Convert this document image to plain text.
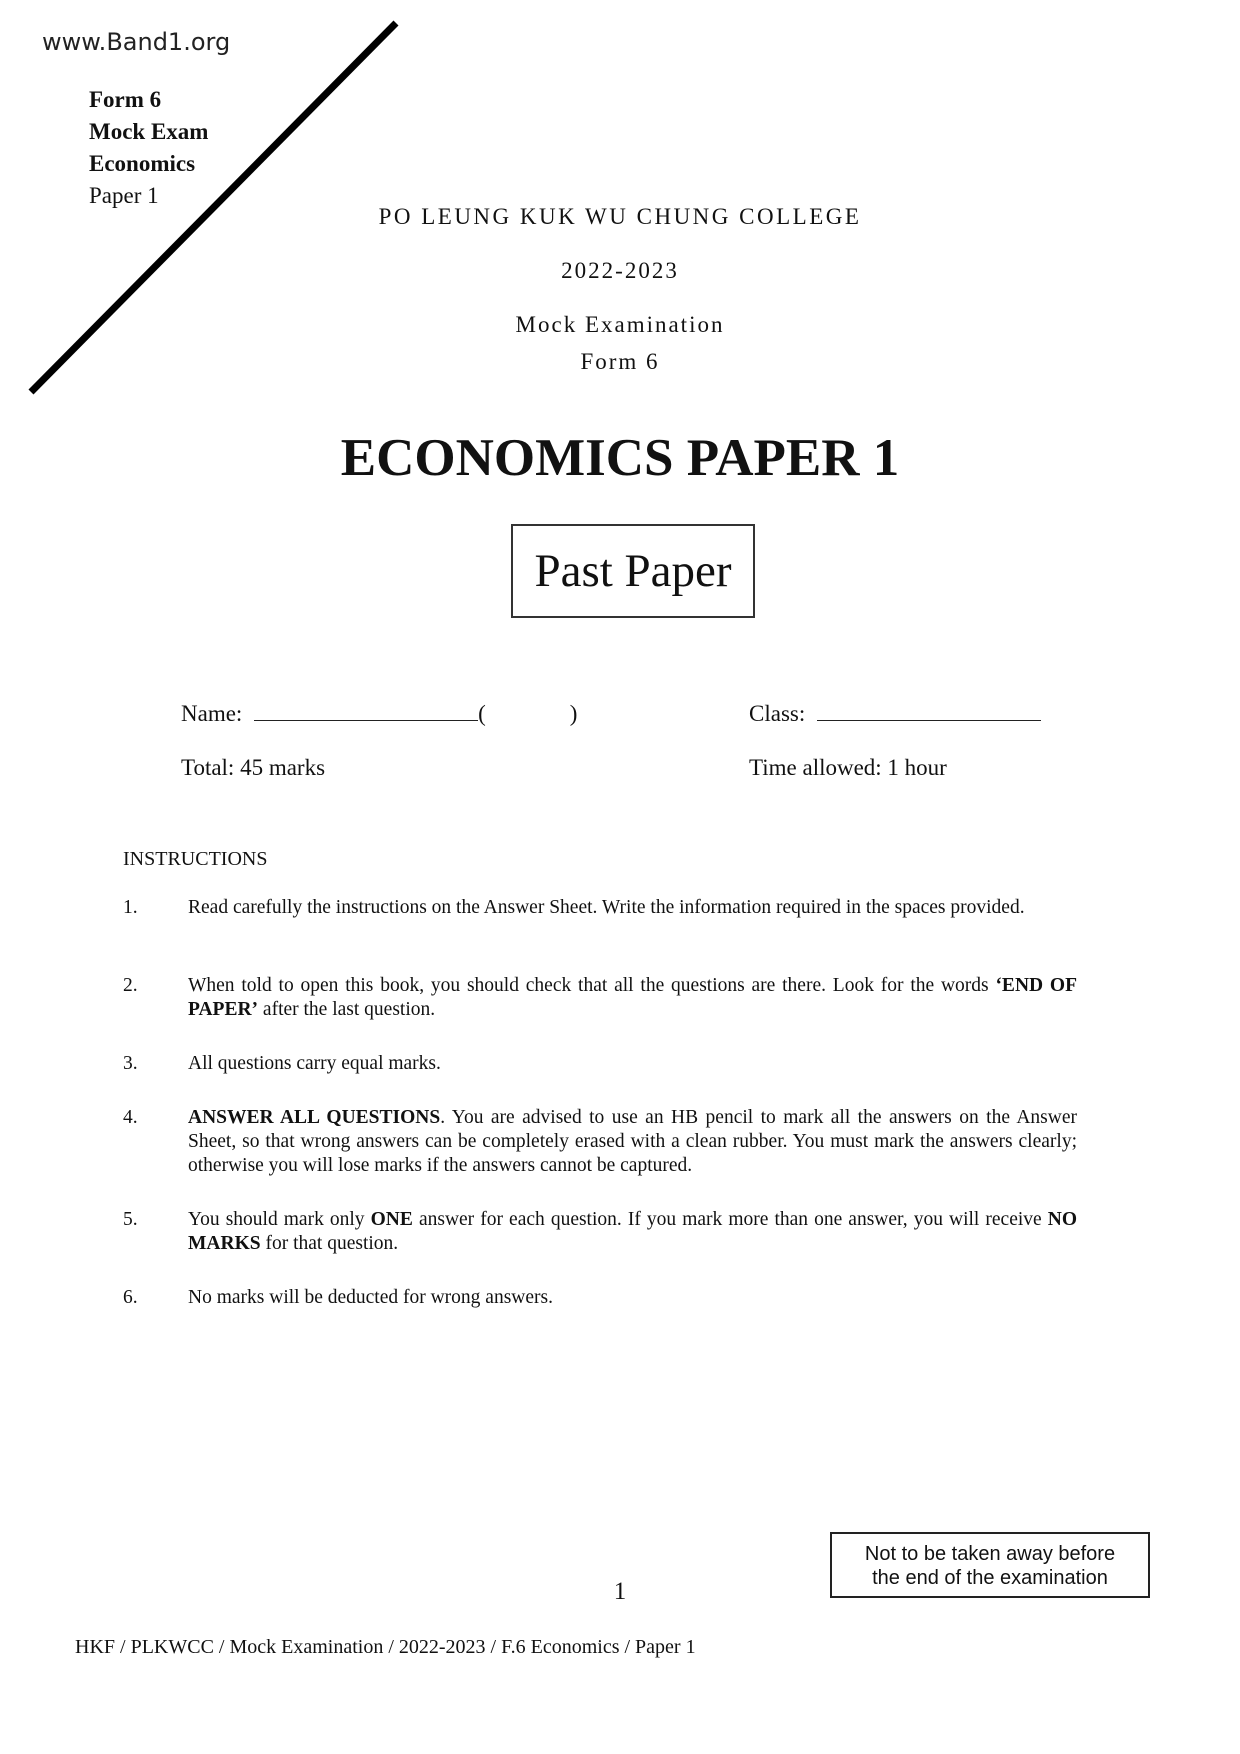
www.Band1.org
Form 6
Mock Exam
Economics
Paper 1
PO LEUNG KUK WU CHUNG COLLEGE
2022-2023
Mock Examination
Form 6
ECONOMICS PAPER 1
Past Paper
Name:	(	)	Class:
Total: 45 marks	Time allowed: 1 hour
INSTRUCTIONS
1.	Read carefully the instructions on the Answer Sheet. Write the information required in the spaces provided.
2.	When told to open this book, you should check that all the questions are there. Look for the words ‘END OF PAPER’ after the last question.
3.	All questions carry equal marks.
4.	ANSWER ALL QUESTIONS. You are advised to use an HB pencil to mark all the answers on the Answer Sheet, so that wrong answers can be completely erased with a clean rubber. You must mark the answers clearly; otherwise you will lose marks if the answers cannot be captured.
5.	You should mark only ONE answer for each question. If you mark more than one answer, you will receive NO MARKS for that question.
6.	No marks will be deducted for wrong answers.
Not to be taken away before
the end of the examination
1
HKF / PLKWCC / Mock Examination / 2022-2023 / F.6 Economics / Paper 1
